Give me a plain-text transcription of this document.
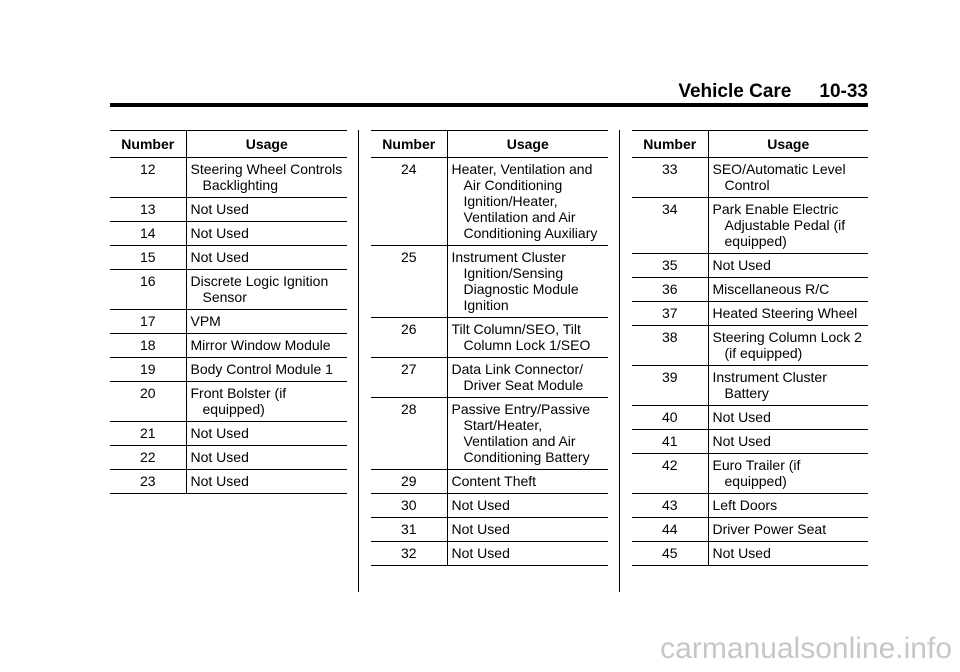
Vehicle Care 10-33
Number	Usage
12	Steering Wheel Controls Backlighting
13	Not Used
14	Not Used
15	Not Used
16	Discrete Logic Ignition Sensor
17	VPM
18	Mirror Window Module
19	Body Control Module 1
20	Front Bolster (if equipped)
21	Not Used
22	Not Used
23	Not Used
Number	Usage
24	Heater, Ventilation and Air Conditioning Ignition/Heater, Ventilation and Air Conditioning Auxiliary
25	Instrument Cluster Ignition/Sensing Diagnostic Module Ignition
26	Tilt Column/SEO, Tilt Column Lock 1/SEO
27	Data Link Connector/ Driver Seat Module
28	Passive Entry/Passive Start/Heater, Ventilation and Air Conditioning Battery
29	Content Theft
30	Not Used
31	Not Used
32	Not Used
Number	Usage
33	SEO/Automatic Level Control
34	Park Enable Electric Adjustable Pedal (if equipped)
35	Not Used
36	Miscellaneous R/C
37	Heated Steering Wheel
38	Steering Column Lock 2 (if equipped)
39	Instrument Cluster Battery
40	Not Used
41	Not Used
42	Euro Trailer (if equipped)
43	Left Doors
44	Driver Power Seat
45	Not Used
carmanualsonline.info
